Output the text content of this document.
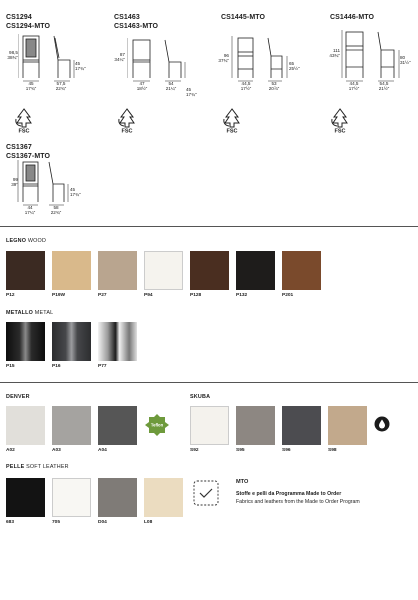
CS1294
CS1294-MTO
98,5
38¾"
45
17¾"
45
17¾"
57,5
22¾"
FSC
CS1463
CS1463-MTO
87
34¼"
45
17¾"
47
18½"
54
21¼"
FSC
CS1445-MTO
96
37¾"
65
25½"
44,5
17½"
53
20⅞"
FSC
CS1446-MTO
111
43¾"	80
31½"
44,5
17½"
54,5
21½"
FSC
CS1367
CS1367-MTO
99
39"
45
17¾"
44
17¼"
58
22¾"
LEGNO WOOD
P12	P19W	P27	P94	P128	P132	P201
METALLO METAL
P15	P16	P77
DENVER	SKUBA
Teflon
A02	A03	A04	S92	S95	S96	S98
PELLE SOFT LEATHER
683	705	D04	L08
MTO
Stoffe e pelli da Programma Made to Order
Fabrics and leathers from the Made to Order Program
